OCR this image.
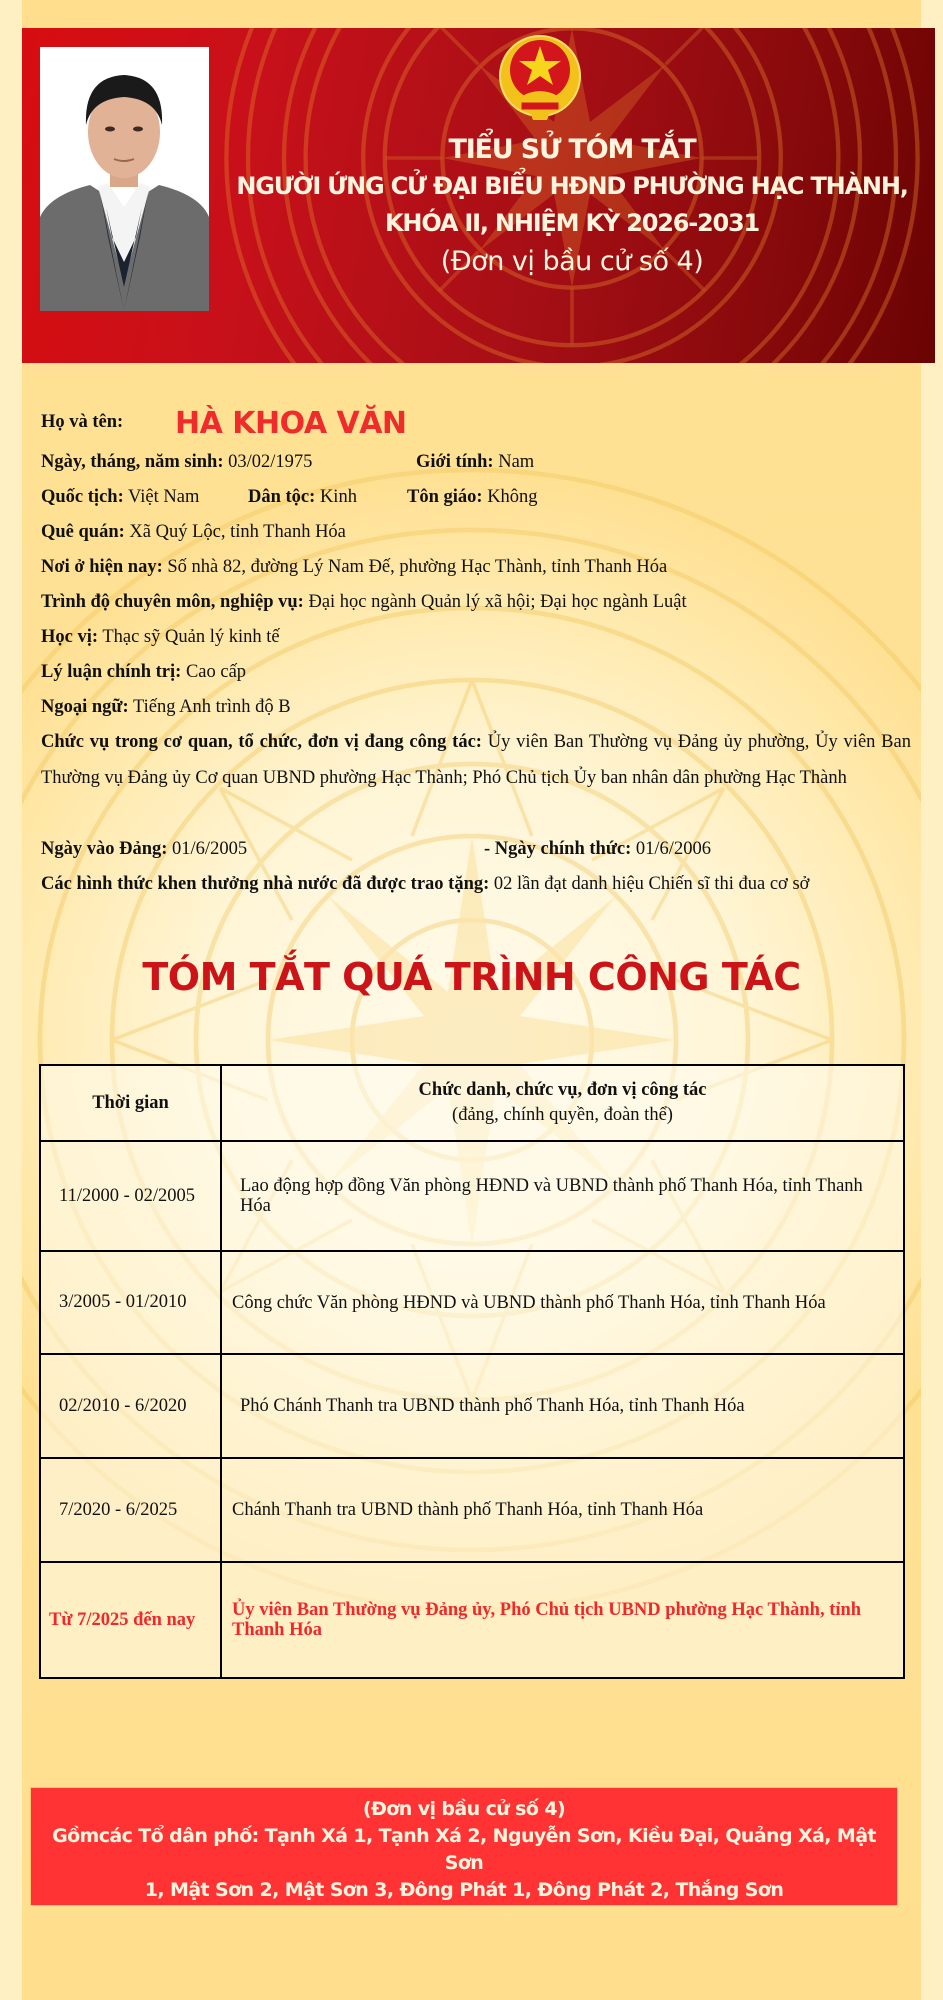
TIỂU SỬ TÓM TẮT
NGƯỜI ỨNG CỬ ĐẠI BIỂU HĐND PHƯỜNG HẠC THÀNH,
KHÓA II, NHIỆM KỲ 2026-2031
(Đơn vị bầu cử số 4)
Họ và tên: HÀ KHOA VĂN
Ngày, tháng, năm sinh: 03/02/1975	Giới tính: Nam
Quốc tịch: Việt Nam	Dân tộc: Kinh	Tôn giáo: Không
Quê quán: Xã Quý Lộc, tỉnh Thanh Hóa
Nơi ở hiện nay: Số nhà 82, đường Lý Nam Đế, phường Hạc Thành, tỉnh Thanh Hóa
Trình độ chuyên môn, nghiệp vụ: Đại học ngành Quản lý xã hội; Đại học ngành Luật
Học vị: Thạc sỹ Quản lý kinh tế
Lý luận chính trị: Cao cấp
Ngoại ngữ: Tiếng Anh trình độ B
Chức vụ trong cơ quan, tổ chức, đơn vị đang công tác: Ủy viên Ban Thường vụ Đảng ủy phường, Ủy viên Ban Thường vụ Đảng ủy Cơ quan UBND phường Hạc Thành; Phó Chủ tịch Ủy ban nhân dân phường Hạc Thành
Ngày vào Đảng: 01/6/2005	- Ngày chính thức: 01/6/2006
Các hình thức khen thưởng nhà nước đã được trao tặng: 02 lần đạt danh hiệu Chiến sĩ thi đua cơ sở
TÓM TẮT QUÁ TRÌNH CÔNG TÁC
Thời gian	Chức danh, chức vụ, đơn vị công tác
(đảng, chính quyền, đoàn thể)

11/2000 - 02/2005	Lao động hợp đồng Văn phòng HĐND và UBND thành phố Thanh Hóa, tỉnh Thanh Hóa
3/2005 - 01/2010	Công chức Văn phòng HĐND và UBND thành phố Thanh Hóa, tỉnh Thanh Hóa
02/2010 - 6/2020	Phó Chánh Thanh tra UBND thành phố Thanh Hóa, tỉnh Thanh Hóa
7/2020 - 6/2025	Chánh Thanh tra UBND thành phố Thanh Hóa, tỉnh Thanh Hóa
Từ 7/2025 đến nay	Ủy viên Ban Thường vụ Đảng ủy, Phó Chủ tịch UBND phường Hạc Thành, tỉnh Thanh Hóa
(Đơn vị bầu cử số 4)
Gồmcác Tổ dân phố: Tạnh Xá 1, Tạnh Xá 2, Nguyễn Sơn, Kiều Đại, Quảng Xá, Mật Sơn
1, Mật Sơn 2, Mật Sơn 3, Đông Phát 1, Đông Phát 2, Thắng Sơn
